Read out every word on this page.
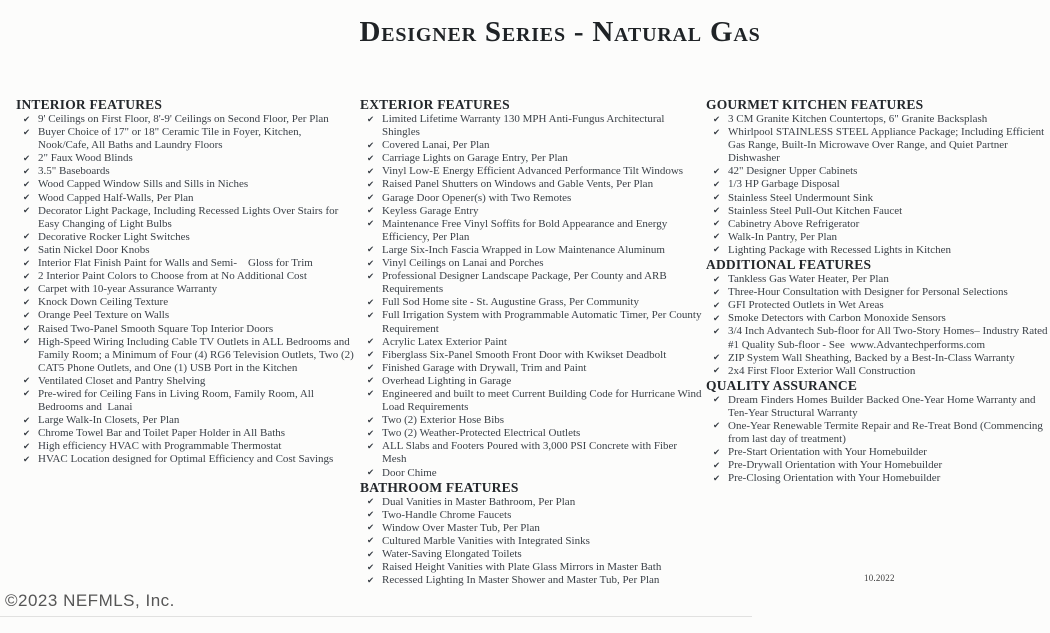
Designer Series - Natural Gas
INTERIOR FEATURES
✔ 9' Ceilings on First Floor, 8'-9' Ceilings on Second Floor, Per Plan
✔ Buyer Choice of 17" or 18" Ceramic Tile in Foyer, Kitchen, Nook/Cafe, All Baths and Laundry Floors
✔ 2" Faux Wood Blinds
✔ 3.5" Baseboards
✔ Wood Capped Window Sills and Sills in Niches
✔ Wood Capped Half-Walls, Per Plan
✔ Decorator Light Package, Including Recessed Lights Over Stairs for Easy Changing of Light Bulbs
✔ Decorative Rocker Light Switches
✔ Satin Nickel Door Knobs
✔ Interior Flat Finish Paint for Walls and Semi-    Gloss for Trim
✔ 2 Interior Paint Colors to Choose from at No Additional Cost
✔ Carpet with 10-year Assurance Warranty
✔ Knock Down Ceiling Texture
✔ Orange Peel Texture on Walls
✔ Raised Two-Panel Smooth Square Top Interior Doors
✔ High-Speed Wiring Including Cable TV Outlets in ALL Bedrooms and Family Room; a Minimum of Four (4) RG6 Television Outlets, Two (2) CAT5 Phone Outlets, and One (1) USB Port in the Kitchen
✔ Ventilated Closet and Pantry Shelving
✔ Pre-wired for Ceiling Fans in Living Room, Family Room, All Bedrooms and  Lanai
✔ Large Walk-In Closets, Per Plan
✔ Chrome Towel Bar and Toilet Paper Holder in All Baths
✔ High efficiency HVAC with Programmable Thermostat
✔ HVAC Location designed for Optimal Efficiency and Cost Savings
EXTERIOR FEATURES
✔ Limited Lifetime Warranty 130 MPH Anti-Fungus Architectural Shingles
✔ Covered Lanai, Per Plan
✔ Carriage Lights on Garage Entry, Per Plan
✔ Vinyl Low-E Energy Efficient Advanced Performance Tilt Windows
✔ Raised Panel Shutters on Windows and Gable Vents, Per Plan
✔ Garage Door Opener(s) with Two Remotes
✔ Keyless Garage Entry
✔ Maintenance Free Vinyl Soffits for Bold Appearance and Energy Efficiency, Per Plan
✔ Large Six-Inch Fascia Wrapped in Low Maintenance Aluminum
✔ Vinyl Ceilings on Lanai and Porches
✔ Professional Designer Landscape Package, Per County and ARB Requirements
✔ Full Sod Home site - St. Augustine Grass, Per Community
✔ Full Irrigation System with Programmable Automatic Timer, Per County Requirement
✔ Acrylic Latex Exterior Paint
✔ Fiberglass Six-Panel Smooth Front Door with Kwikset Deadbolt
✔ Finished Garage with Drywall, Trim and Paint
✔ Overhead Lighting in Garage
✔ Engineered and built to meet Current Building Code for Hurricane Wind Load Requirements
✔ Two (2) Exterior Hose Bibs
✔ Two (2) Weather-Protected Electrical Outlets
✔ ALL Slabs and Footers Poured with 3,000 PSI Concrete with Fiber Mesh
✔ Door Chime
BATHROOM FEATURES
✔ Dual Vanities in Master Bathroom, Per Plan
✔ Two-Handle Chrome Faucets
✔ Window Over Master Tub, Per Plan
✔ Cultured Marble Vanities with Integrated Sinks
✔ Water-Saving Elongated Toilets
✔ Raised Height Vanities with Plate Glass Mirrors in Master Bath
✔ Recessed Lighting In Master Shower and Master Tub, Per Plan
GOURMET KITCHEN FEATURES
✔ 3 CM Granite Kitchen Countertops, 6" Granite Backsplash
✔ Whirlpool STAINLESS STEEL Appliance Package; Including Efficient Gas Range, Built-In Microwave Over Range, and Quiet Partner Dishwasher
✔ 42" Designer Upper Cabinets
✔ 1/3 HP Garbage Disposal
✔ Stainless Steel Undermount Sink
✔ Stainless Steel Pull-Out Kitchen Faucet
✔ Cabinetry Above Refrigerator
✔ Walk-In Pantry, Per Plan
✔ Lighting Package with Recessed Lights in Kitchen
ADDITIONAL FEATURES
✔ Tankless Gas Water Heater, Per Plan
✔ Three-Hour Consultation with Designer for Personal Selections
✔ GFI Protected Outlets in Wet Areas
✔ Smoke Detectors with Carbon Monoxide Sensors
✔ 3/4 Inch Advantech Sub-floor for All Two-Story Homes– Industry Rated #1 Quality Sub-floor - See  www.Advantechperforms.com
✔ ZIP System Wall Sheathing, Backed by a Best-In-Class Warranty
✔ 2x4 First Floor Exterior Wall Construction
QUALITY ASSURANCE
✔ Dream Finders Homes Builder Backed One-Year Home Warranty and Ten-Year Structural Warranty
✔ One-Year Renewable Termite Repair and Re-Treat Bond (Commencing from last day of treatment)
✔ Pre-Start Orientation with Your Homebuilder
✔ Pre-Drywall Orientation with Your Homebuilder
✔ Pre-Closing Orientation with Your Homebuilder
10.2022
©2023 NEFMLS, Inc.
